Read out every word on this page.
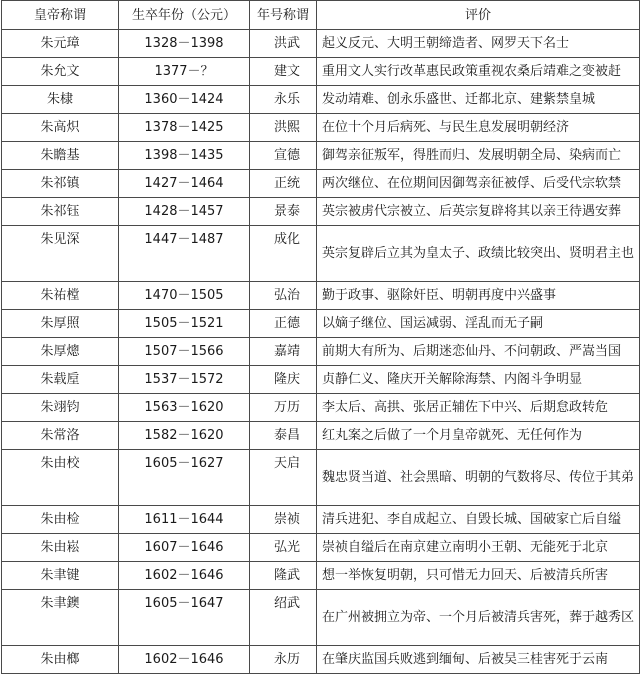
皇帝称谓	生卒年份（公元）	年号称谓	评价
朱元璋	1328－1398	洪武	起义反元、大明王朝缔造者、网罗天下名士
朱允文	1377－？	建文	重用文人实行改革惠民政策重视农桑后靖难之变被赶
朱棣	1360－1424	永乐	发动靖难、创永乐盛世、迁都北京、建紫禁皇城
朱高炽	1378－1425	洪熙	在位十个月后病死、与民生息发展明朝经济
朱瞻基	1398－1435	宣德	御驾亲征叛军，得胜而归、发展明朝全局、染病而亡
朱祁镇	1427－1464	正统	两次继位、在位期间因御驾亲征被俘、后受代宗软禁
朱祁钰	1428－1457	景泰	英宗被虏代宗被立、后英宗复辟将其以亲王待遇安葬
朱见深	1447－1487	成化	英宗复辟后立其为皇太子、政绩比较突出、贤明君主也
朱祐樘	1470－1505	弘治	勤于政事、驱除奸臣、明朝再度中兴盛事
朱厚照	1505－1521	正德	以嫡子继位、国运减弱、淫乱而无子嗣
朱厚熜	1507－1566	嘉靖	前期大有所为、后期迷恋仙丹、不问朝政、严嵩当国
朱载垕	1537－1572	隆庆	贞静仁义、隆庆开关解除海禁、内阁斗争明显
朱翊钧	1563－1620	万历	李太后、高拱、张居正辅佐下中兴、后期怠政转危
朱常洛	1582－1620	泰昌	红丸案之后做了一个月皇帝就死、无任何作为
朱由校	1605－1627	天启	魏忠贤当道、社会黑暗、明朝的气数将尽、传位于其弟
朱由检	1611－1644	崇祯	清兵进犯、李自成起立、自毁长城、国破家亡后自缢
朱由崧	1607－1646	弘光	崇祯自缢后在南京建立南明小王朝、无能死于北京
朱聿键	1602－1646	隆武	想一举恢复明朝，只可惜无力回天、后被清兵所害
朱聿鐭	1605－1647	绍武	在广州被拥立为帝、一个月后被清兵害死，葬于越秀区
朱由榔	1602－1646	永历	在肇庆监国兵败逃到缅甸、后被吴三桂害死于云南
